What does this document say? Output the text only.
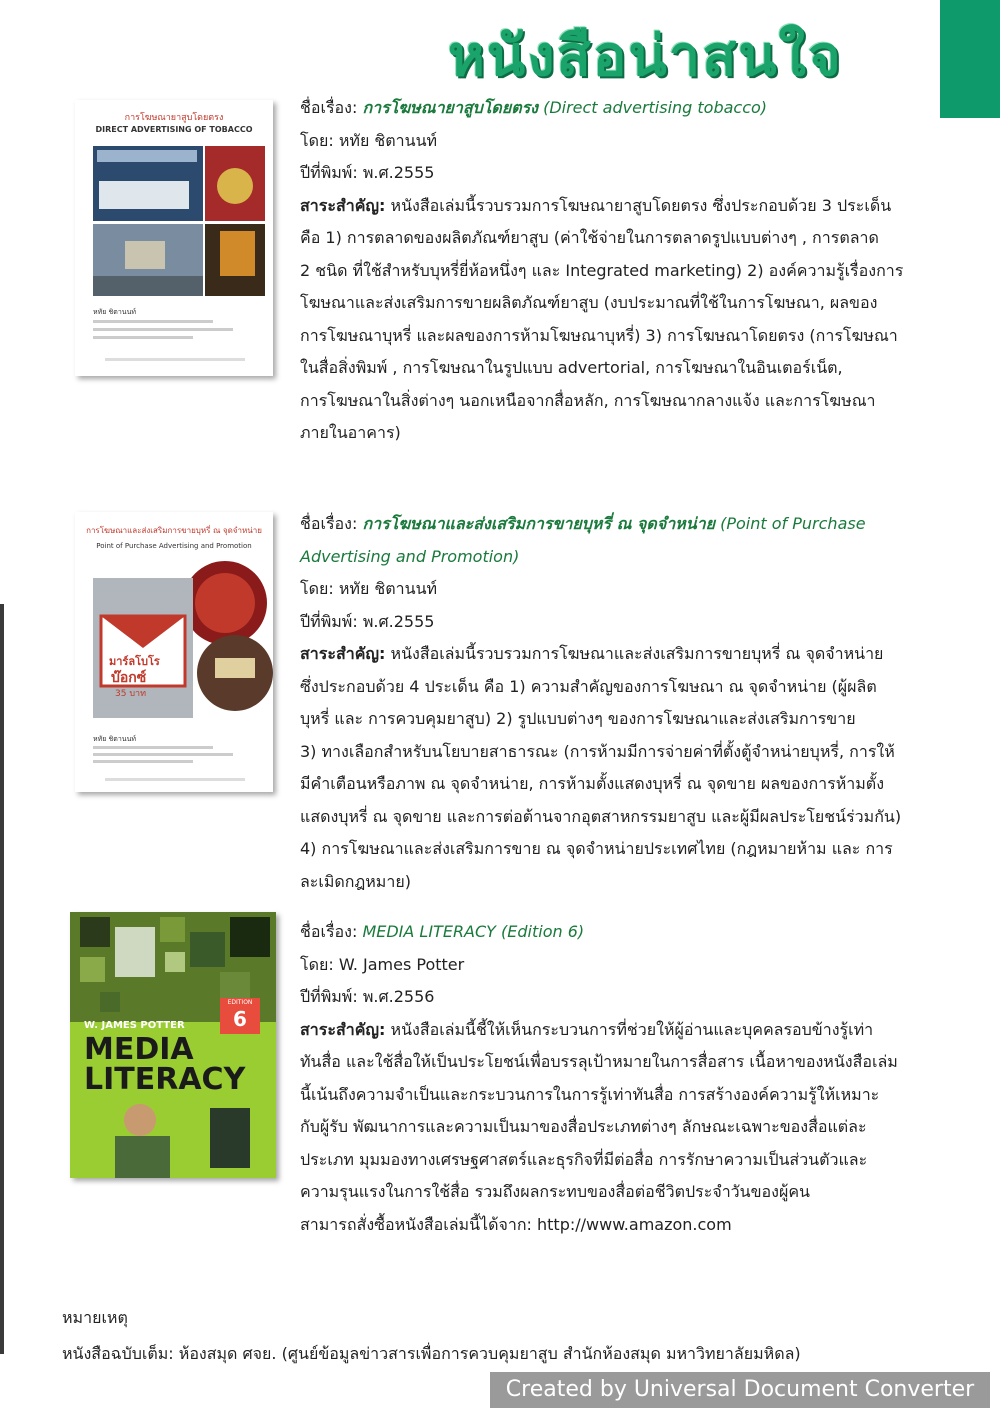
หนังสือน่าสนใจ
การโฆษณายาสูบโดยตรง
DIRECT ADVERTISING OF TOBACCO
หทัย ชิตานนท์
ชื่อเรื่อง: การโฆษณายาสูบโดยตรง (Direct advertising tobacco)
โดย: หทัย ชิตานนท์
ปีที่พิมพ์: พ.ศ.2555
สาระสำคัญ: หนังสือเล่มนี้รวบรวมการโฆษณายาสูบโดยตรง ซึ่งประกอบด้วย 3 ประเด็น
คือ 1) การตลาดของผลิตภัณฑ์ยาสูบ (ค่าใช้จ่ายในการตลาดรูปแบบต่างๆ , การตลาด
2 ชนิด ที่ใช้สำหรับบุหรี่ยี่ห้อหนึ่งๆ และ Integrated marketing) 2) องค์ความรู้เรื่องการ
โฆษณาและส่งเสริมการขายผลิตภัณฑ์ยาสูบ (งบประมาณที่ใช้ในการโฆษณา, ผลของ
การโฆษณาบุหรี่ และผลของการห้ามโฆษณาบุหรี่) 3) การโฆษณาโดยตรง (การโฆษณา
ในสื่อสิ่งพิมพ์ , การโฆษณาในรูปแบบ advertorial, การโฆษณาในอินเตอร์เน็ต,
การโฆษณาในสิ่งต่างๆ นอกเหนือจากสื่อหลัก, การโฆษณากลางแจ้ง และการโฆษณา
ภายในอาคาร)
การโฆษณาและส่งเสริมการขายบุหรี่ ณ จุดจำหน่าย
Point of Purchase Advertising and Promotion
มาร์ลโบโร
บ๊อกซ์
35 บาท
หทัย ชิตานนท์
ชื่อเรื่อง: การโฆษณาและส่งเสริมการขายบุหรี่ ณ จุดจำหน่าย (Point of Purchase
Advertising and Promotion)
โดย: หทัย ชิตานนท์
ปีที่พิมพ์: พ.ศ.2555
สาระสำคัญ: หนังสือเล่มนี้รวบรวมการโฆษณาและส่งเสริมการขายบุหรี่ ณ จุดจำหน่าย
ซึ่งประกอบด้วย 4 ประเด็น คือ 1) ความสำคัญของการโฆษณา ณ จุดจำหน่าย (ผู้ผลิต
บุหรี่ และ การควบคุมยาสูบ) 2) รูปแบบต่างๆ ของการโฆษณาและส่งเสริมการขาย
3) ทางเลือกสำหรับนโยบายสาธารณะ (การห้ามมีการจ่ายค่าที่ตั้งตู้จำหน่ายบุหรี่, การให้
มีคำเตือนหรือภาพ ณ จุดจำหน่าย, การห้ามตั้งแสดงบุหรี่ ณ จุดขาย ผลของการห้ามตั้ง
แสดงบุหรี่ ณ จุดขาย และการต่อต้านจากอุตสาหกรรมยาสูบ และผู้มีผลประโยชน์ร่วมกัน)
4) การโฆษณาและส่งเสริมการขาย ณ จุดจำหน่ายประเทศไทย (กฎหมายห้าม และ การ
ละเมิดกฎหมาย)
W. JAMES POTTER
EDITION
6
MEDIA
LITERACY
ชื่อเรื่อง: MEDIA LITERACY (Edition 6)
โดย: W. James Potter
ปีที่พิมพ์: พ.ศ.2556
สาระสำคัญ: หนังสือเล่มนี้ชี้ให้เห็นกระบวนการที่ช่วยให้ผู้อ่านและบุคคลรอบข้างรู้เท่า
ทันสื่อ และใช้สื่อให้เป็นประโยชน์เพื่อบรรลุเป้าหมายในการสื่อสาร เนื้อหาของหนังสือเล่ม
นี้เน้นถึงความจำเป็นและกระบวนการในการรู้เท่าทันสื่อ การสร้างองค์ความรู้ให้เหมาะ
กับผู้รับ พัฒนาการและความเป็นมาของสื่อประเภทต่างๆ ลักษณะเฉพาะของสื่อแต่ละ
ประเภท มุมมองทางเศรษฐศาสตร์และธุรกิจที่มีต่อสื่อ การรักษาความเป็นส่วนตัวและ
ความรุนแรงในการใช้สื่อ รวมถึงผลกระทบของสื่อต่อชีวิตประจำวันของผู้คน
สามารถสั่งซื้อหนังสือเล่มนี้ได้จาก: http://www.amazon.com
หมายเหตุ
หนังสือฉบับเต็ม: ห้องสมุด ศจย. (ศูนย์ข้อมูลข่าวสารเพื่อการควบคุมยาสูบ สำนักห้องสมุด มหาวิทยาลัยมหิดล)
Created by Universal Document Converter
